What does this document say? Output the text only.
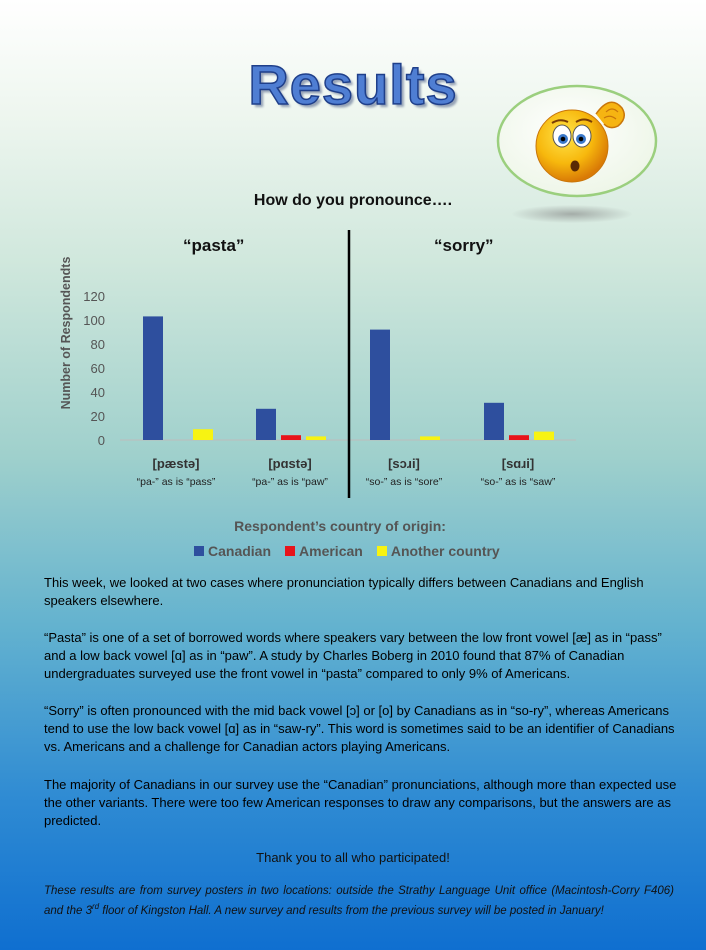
Results
How do you pronounce….
“pasta”	“sorry”
Number of Respondendts
0
20
40
60
80
100
120
[pæstə]	[pɑstə]	[sɔɹi]	[sɑɹi]
“pa-” as is “pass”	“pa-” as is “paw”	“so-” as is “sore”	“so-” as is “saw”
Respondent’s country of origin:
Canadian American Another country

This week, we looked at two cases where pronunciation typically differs between Canadians and English speakers elsewhere.

“Pasta” is one of a set of borrowed words where speakers vary between the low front vowel [æ] as in “pass” and a low back vowel [ɑ] as in “paw”. A study by Charles Boberg in 2010 found that 87% of Canadian undergraduates surveyed use the front vowel in “pasta” compared to only 9% of Americans.

“Sorry” is often pronounced with the mid back vowel [ɔ] or [o] by Canadians as in “so-ry”, whereas Americans tend to use the low back vowel [ɑ] as in “saw-ry”. This word is sometimes said to be an identifier of Canadians vs. Americans and a challenge for Canadian actors playing Americans.

The majority of Canadians in our survey use the “Canadian” pronunciations, although more than expected use the other variants. There were too few American responses to draw any comparisons, but the answers are as predicted.

Thank you to all who participated!
These results are from survey posters in two locations: outside the Strathy Language Unit office (Macintosh-Corry F406) and the 3rd floor of Kingston Hall. A new survey and results from the previous survey will be posted in January!
